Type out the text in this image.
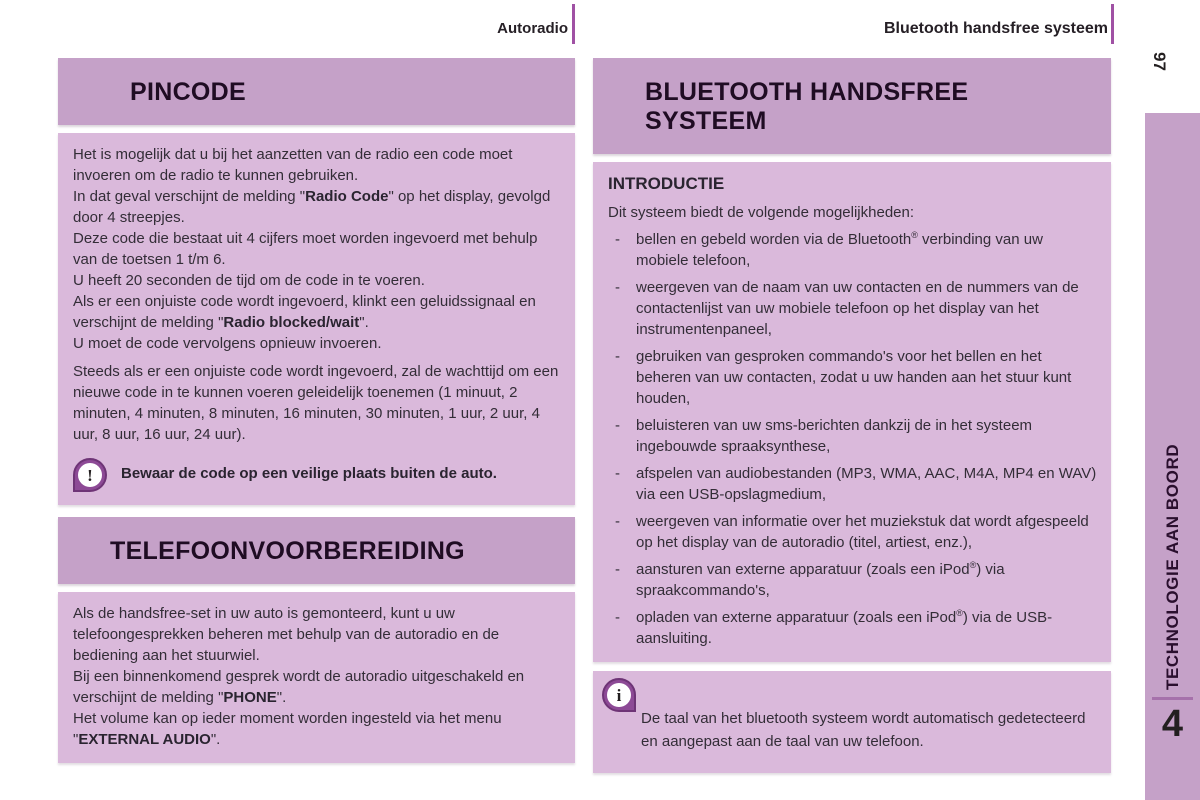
Autoradio	Bluetooth handsfree systeem
PINCODE

Het is mogelijk dat u bij het aanzetten van de radio een code moet invoeren om de radio te kunnen gebruiken.

In dat geval verschijnt de melding "Radio Code" op het display, gevolgd door 4 streepjes.

Deze code die bestaat uit 4 cijfers moet worden ingevoerd met behulp van de toetsen 1 t/m 6.

U heeft 20 seconden de tijd om de code in te voeren.

Als er een onjuiste code wordt ingevoerd, klinkt een geluidssignaal en verschijnt de melding "Radio blocked/wait".

U moet de code vervolgens opnieuw invoeren.

Steeds als er een onjuiste code wordt ingevoerd, zal de wachttijd om een nieuwe code in te kunnen voeren geleidelijk toenemen (1 minuut, 2 minuten, 4 minuten, 8 minuten, 16 minuten, 30 minuten, 1 uur, 2 uur, 4 uur, 8 uur, 16 uur, 24 uur).

!	Bewaar de code op een veilige plaats buiten de auto.
TELEFOONVOORBEREIDING

Als de handsfree-set in uw auto is gemonteerd, kunt u uw telefoongesprekken beheren met behulp van de autoradio en de bediening aan het stuurwiel.

Bij een binnenkomend gesprek wordt de autoradio uitgeschakeld en verschijnt de melding "PHONE".

Het volume kan op ieder moment worden ingesteld via het menu "EXTERNAL AUDIO".

BLUETOOTH HANDSFREE SYSTEEM
INTRODUCTIE
Dit systeem biedt de volgende mogelijkheden:
-	bellen en gebeld worden via de Bluetooth® verbinding van uw mobiele telefoon,
-	weergeven van de naam van uw contacten en de nummers van de contactenlijst van uw mobiele telefoon op het display van het instrumentenpaneel,
-	gebruiken van gesproken commando's voor het bellen en het beheren van uw contacten, zodat u uw handen aan het stuur kunt houden,
-	beluisteren van uw sms-berichten dankzij de in het systeem ingebouwde spraaksynthese,
-	afspelen van audiobestanden (MP3, WMA, AAC, M4A, MP4 en WAV) via een USB-opslagmedium,
-	weergeven van informatie over het muziekstuk dat wordt afgespeeld op het display van de autoradio (titel, artiest, enz.),
-	aansturen van externe apparatuur (zoals een iPod®) via spraakcommando's,
-	opladen van externe apparatuur (zoals een iPod®) via de USB-aansluiting.
i
De taal van het bluetooth systeem wordt automatisch gedetecteerd en aangepast aan de taal van uw telefoon.
97
TECHNOLOGIE AAN BOORD
4
